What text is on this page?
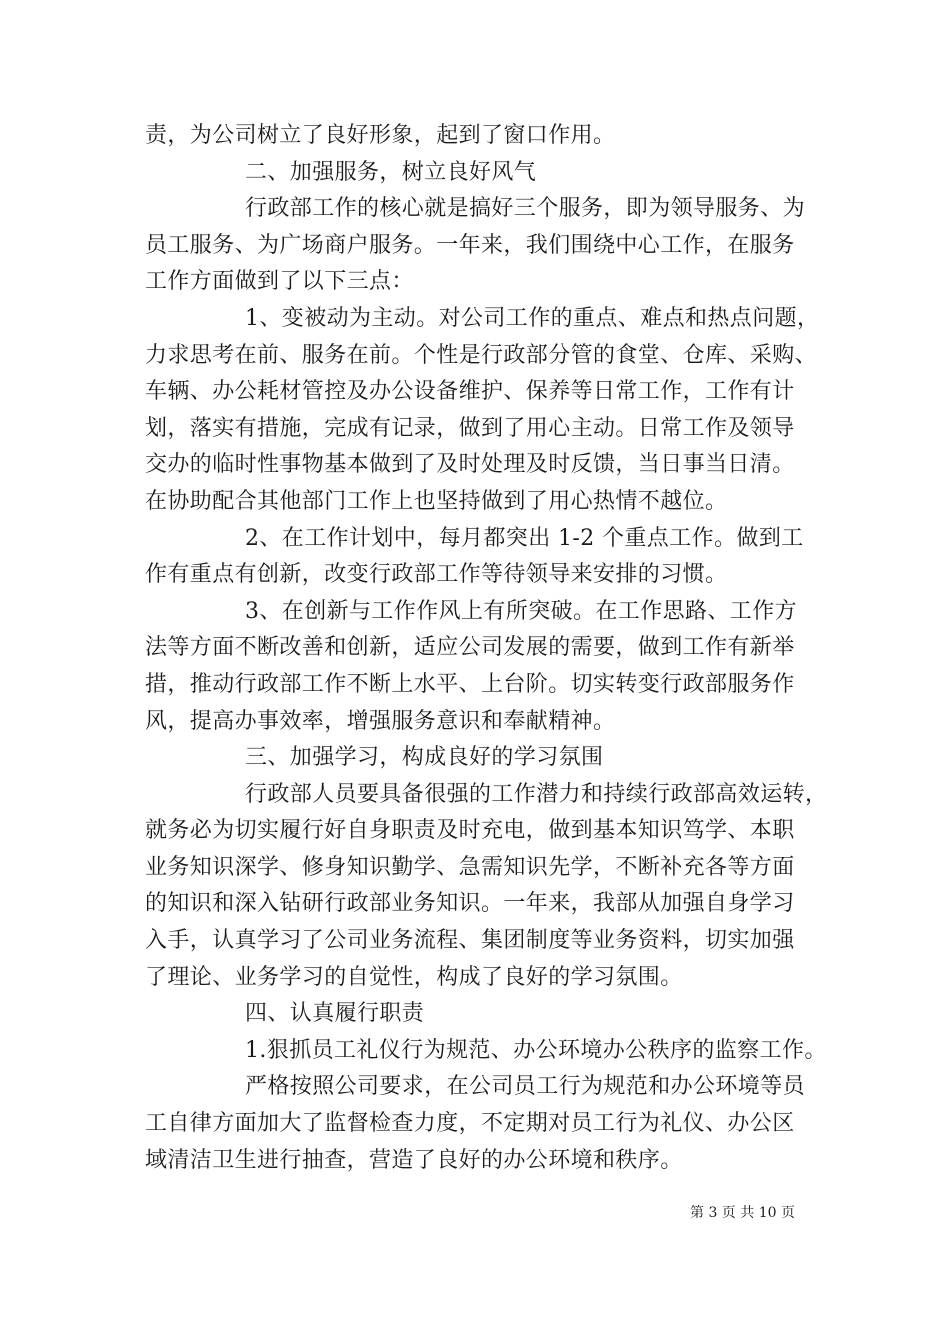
责，为公司树立了良好形象，起到了窗口作用。
二、加强服务，树立良好风气
行政部工作的核心就是搞好三个服务，即为领导服务、为
员工服务、为广场商户服务。一年来，我们围绕中心工作，在服务
工作方面做到了以下三点：
1、变被动为主动。对公司工作的重点、难点和热点问题，
力求思考在前、服务在前。个性是行政部分管的食堂、仓库、采购、
车辆、办公耗材管控及办公设备维护、保养等日常工作，工作有计
划，落实有措施，完成有记录，做到了用心主动。日常工作及领导
交办的临时性事物基本做到了及时处理及时反馈，当日事当日清。
在协助配合其他部门工作上也坚持做到了用心热情不越位。
2、在工作计划中，每月都突出 1-2 个重点工作。做到工
作有重点有创新，改变行政部工作等待领导来安排的习惯。
3、在创新与工作作风上有所突破。在工作思路、工作方
法等方面不断改善和创新，适应公司发展的需要，做到工作有新举
措，推动行政部工作不断上水平、上台阶。切实转变行政部服务作
风，提高办事效率，增强服务意识和奉献精神。
三、加强学习，构成良好的学习氛围
行政部人员要具备很强的工作潜力和持续行政部高效运转，
就务必为切实履行好自身职责及时充电，做到基本知识笃学、本职
业务知识深学、修身知识勤学、急需知识先学，不断补充各等方面
的知识和深入钻研行政部业务知识。一年来，我部从加强自身学习
入手，认真学习了公司业务流程、集团制度等业务资料，切实加强
了理论、业务学习的自觉性，构成了良好的学习氛围。
四、认真履行职责
1.狠抓员工礼仪行为规范、办公环境办公秩序的监察工作。
严格按照公司要求，在公司员工行为规范和办公环境等员
工自律方面加大了监督检查力度，不定期对员工行为礼仪、办公区
域清洁卫生进行抽查，营造了良好的办公环境和秩序。
第 3 页 共 10 页
